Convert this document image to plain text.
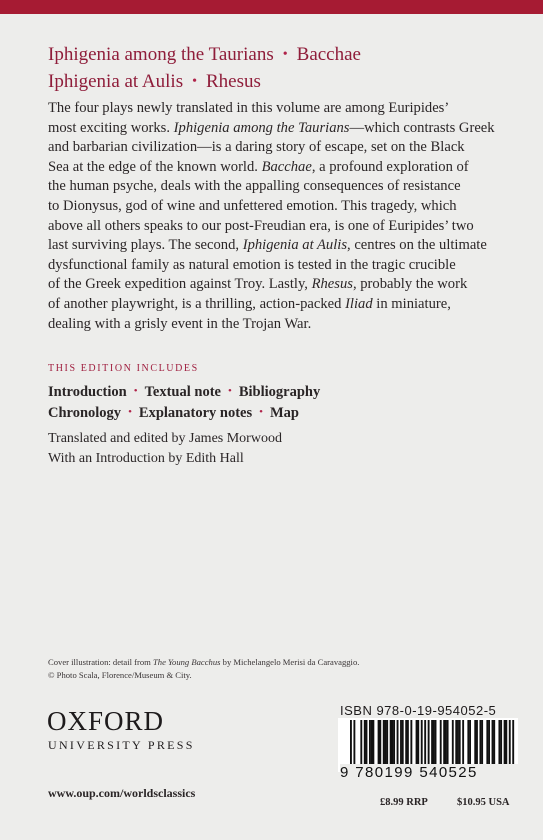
Iphigenia among the Taurians • Bacchae
Iphigenia at Aulis • Rhesus
The four plays newly translated in this volume are among Euripides’
most exciting works. Iphigenia among the Taurians—which contrasts Greek
and barbarian civilization—is a daring story of escape, set on the Black
Sea at the edge of the known world. Bacchae, a profound exploration of
the human psyche, deals with the appalling consequences of resistance
to Dionysus, god of wine and unfettered emotion. This tragedy, which
above all others speaks to our post-Freudian era, is one of Euripides’ two
last surviving plays. The second, Iphigenia at Aulis, centres on the ultimate
dysfunctional family as natural emotion is tested in the tragic crucible
of the Greek expedition against Troy. Lastly, Rhesus, probably the work
of another playwright, is a thrilling, action-packed Iliad in miniature,
dealing with a grisly event in the Trojan War.
THIS EDITION INCLUDES
Introduction • Textual note • Bibliography
Chronology • Explanatory notes • Map
Translated and edited by James Morwood
With an Introduction by Edith Hall
Cover illustration: detail from The Young Bacchus by Michelangelo Merisi da Caravaggio.
© Photo Scala, Florence/Museum & City.
OXFORD
UNIVERSITY PRESS
www.oup.com/worldsclassics
ISBN 978-0-19-954052-5
9 780199 540525
£8.99 RRP	$10.95 USA
